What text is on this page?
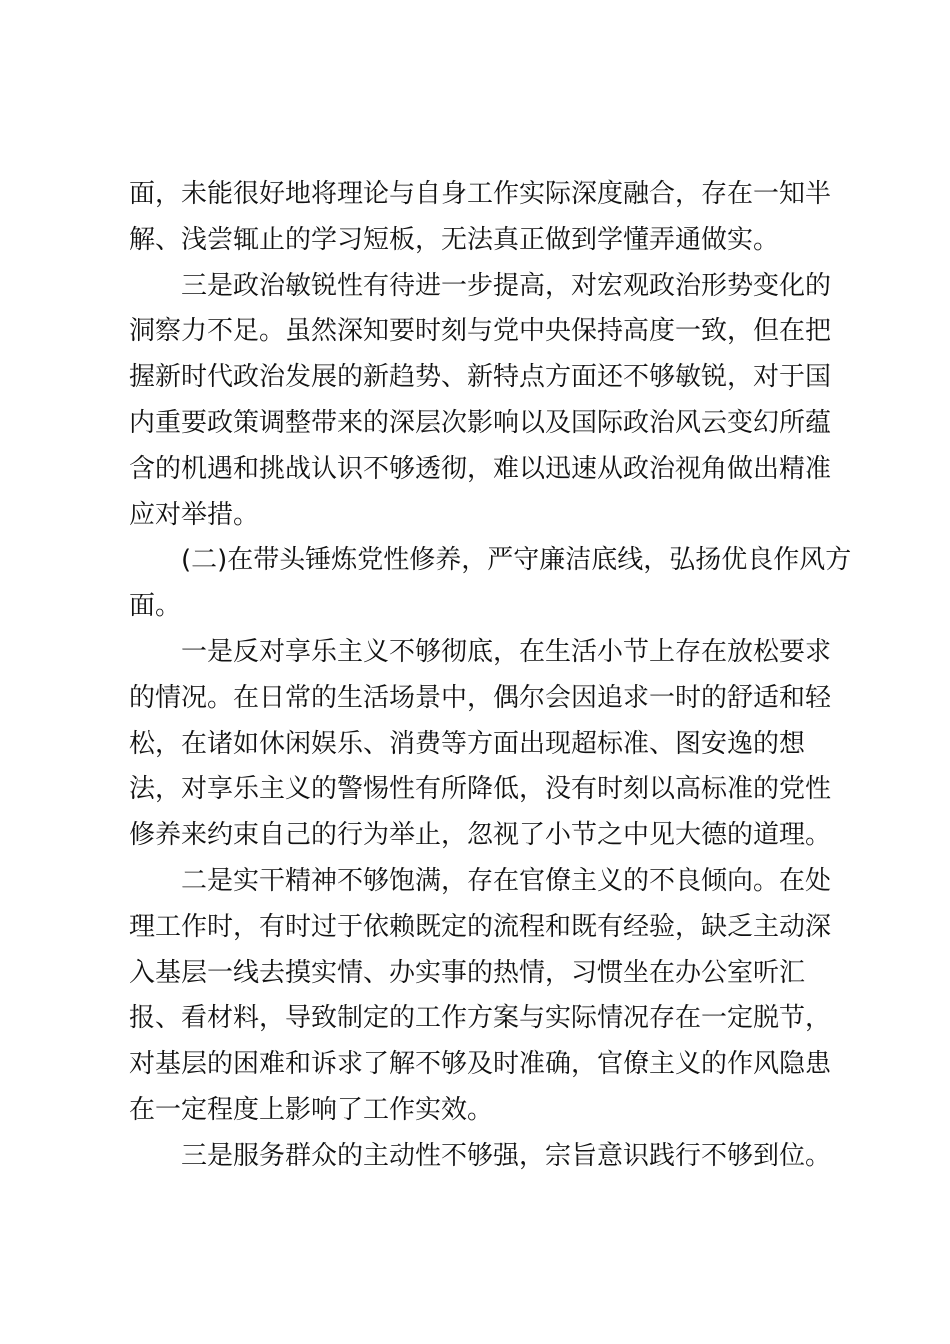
面，未能很好地将理论与自身工作实际深度融合，存在一知半
解、浅尝辄止的学习短板，无法真正做到学懂弄通做实。
　　三是政治敏锐性有待进一步提高，对宏观政治形势变化的
洞察力不足。虽然深知要时刻与党中央保持高度一致，但在把
握新时代政治发展的新趋势、新特点方面还不够敏锐，对于国
内重要政策调整带来的深层次影响以及国际政治风云变幻所蕴
含的机遇和挑战认识不够透彻，难以迅速从政治视角做出精准
应对举措。
　　(二)在带头锤炼党性修养，严守廉洁底线，弘扬优良作风方
面。
　　一是反对享乐主义不够彻底，在生活小节上存在放松要求
的情况。在日常的生活场景中，偶尔会因追求一时的舒适和轻
松，在诸如休闲娱乐、消费等方面出现超标准、图安逸的想
法，对享乐主义的警惕性有所降低，没有时刻以高标准的党性
修养来约束自己的行为举止，忽视了小节之中见大德的道理。
　　二是实干精神不够饱满，存在官僚主义的不良倾向。在处
理工作时，有时过于依赖既定的流程和既有经验，缺乏主动深
入基层一线去摸实情、办实事的热情，习惯坐在办公室听汇
报、看材料，导致制定的工作方案与实际情况存在一定脱节，
对基层的困难和诉求了解不够及时准确，官僚主义的作风隐患
在一定程度上影响了工作实效。
　　三是服务群众的主动性不够强，宗旨意识践行不够到位。
